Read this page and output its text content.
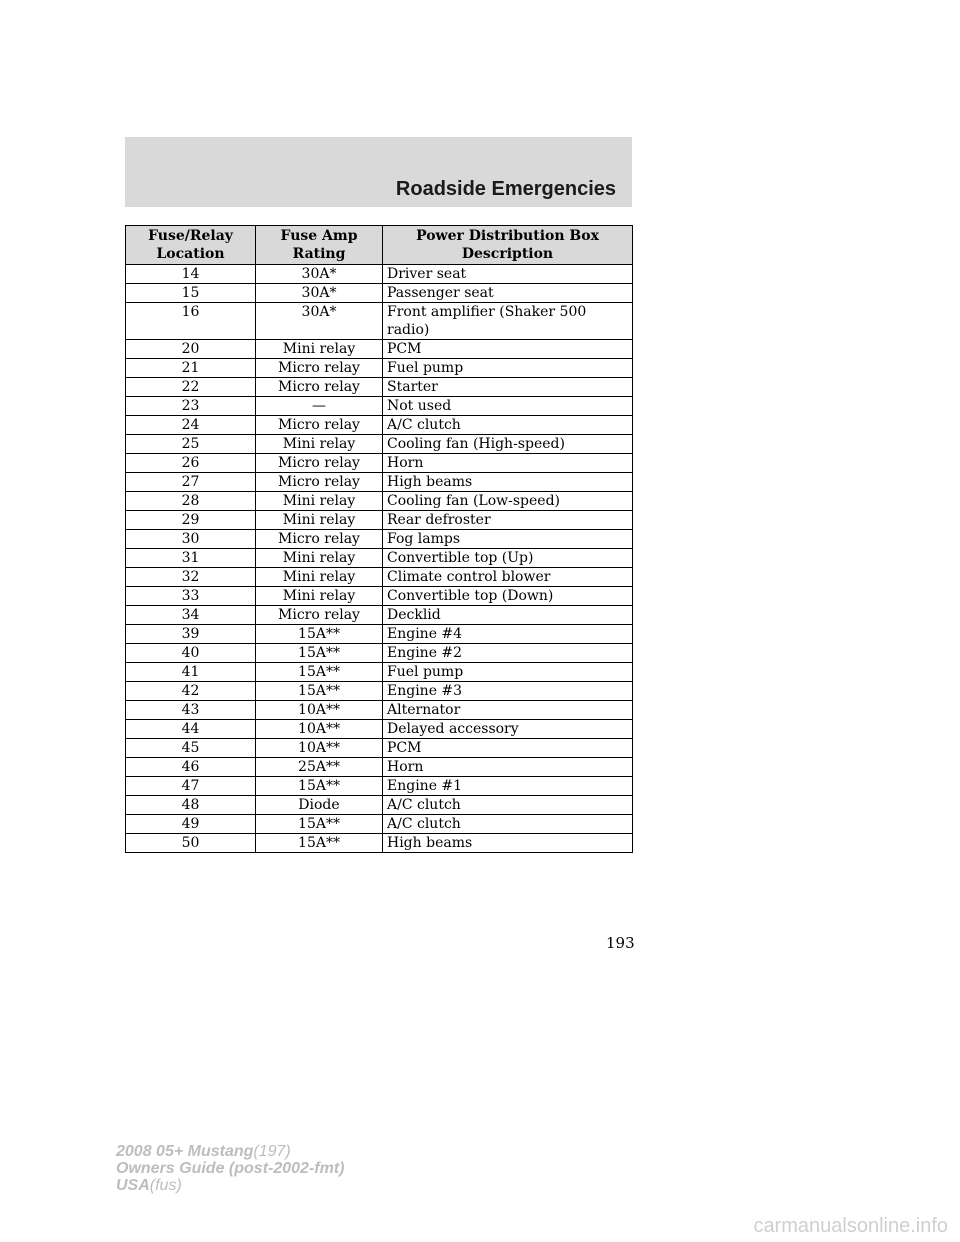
Roadside Emergencies
Fuse/Relay Location	Fuse Amp Rating	Power Distribution Box Description
14	30A*	Driver seat
15	30A*	Passenger seat
16	30A*	Front amplifier (Shaker 500 radio)
20	Mini relay	PCM
21	Micro relay	Fuel pump
22	Micro relay	Starter
23	—	Not used
24	Micro relay	A/C clutch
25	Mini relay	Cooling fan (High-speed)
26	Micro relay	Horn
27	Micro relay	High beams
28	Mini relay	Cooling fan (Low-speed)
29	Mini relay	Rear defroster
30	Micro relay	Fog lamps
31	Mini relay	Convertible top (Up)
32	Mini relay	Climate control blower
33	Mini relay	Convertible top (Down)
34	Micro relay	Decklid
39	15A**	Engine #4
40	15A**	Engine #2
41	15A**	Fuel pump
42	15A**	Engine #3
43	10A**	Alternator
44	10A**	Delayed accessory
45	10A**	PCM
46	25A**	Horn
47	15A**	Engine #1
48	Diode	A/C clutch
49	15A**	A/C clutch
50	15A**	High beams
193
2008 05+ Mustang(197)
Owners Guide (post-2002-fmt)
USA(fus)
carmanualsonline.info
